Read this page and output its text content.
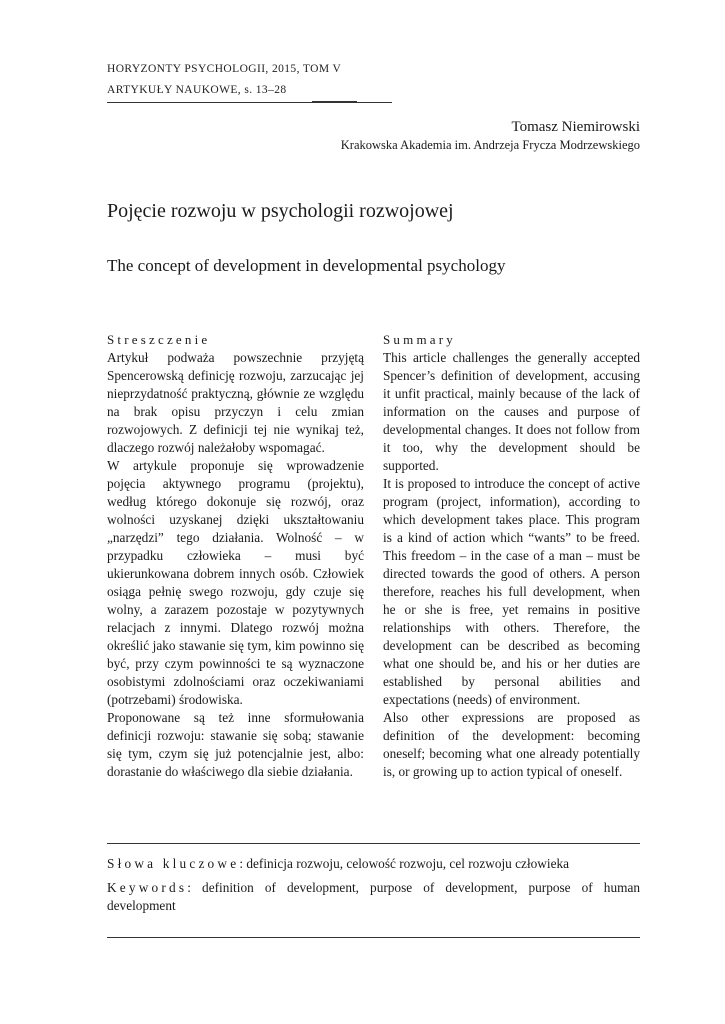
HORYZONTY PSYCHOLOGII, 2015, TOM V
ARTYKUŁY NAUKOWE, s. 13–28
Tomasz Niemirowski
Krakowska Akademia im. Andrzeja Frycza Modrzewskiego
Pojęcie rozwoju w psychologii rozwojowej
The concept of development in developmental psychology
Streszczenie

Artykuł podważa powszechnie przyjętą Spencerowską definicję rozwoju, zarzucając jej nieprzydatność praktyczną, głównie ze względu na brak opisu przyczyn i celu zmian rozwojowych. Z definicji tej nie wynikaj też, dlaczego rozwój należałoby wspomagać.

W artykule proponuje się wprowadzenie pojęcia aktywnego programu (projektu), według którego dokonuje się rozwój, oraz wolności uzyskanej dzięki ukształtowaniu „narzędzi” tego działania. Wolność – w przypadku człowieka – musi być ukierunkowana dobrem innych osób. Człowiek osiąga pełnię swego rozwoju, gdy czuje się wolny, a zarazem pozostaje w pozytywnych relacjach z innymi. Dlatego rozwój można określić jako stawanie się tym, kim powinno się być, przy czym powinności te są wyznaczone osobistymi zdolnościami oraz oczekiwaniami (potrzebami) środowiska.

Proponowane są też inne sformułowania definicji rozwoju: stawanie się sobą; stawanie się tym, czym się już potencjalnie jest, albo: dorastanie do właściwego dla siebie działania.

Summary

This article challenges the generally accepted Spencer’s definition of development, accusing it unfit practical, mainly because of the lack of information on the causes and purpose of developmental changes. It does not follow from it too, why the development should be supported.

It is proposed to introduce the concept of active program (project, information), according to which development takes place. This program is a kind of action which “wants” to be freed. This freedom – in the case of a man – must be directed towards the good of others. A person therefore, reaches his full development, when he or she is free, yet remains in positive relationships with others. Therefore, the development can be described as becoming what one should be, and his or her duties are established by personal abilities and expectations (needs) of environment.

Also other expressions are proposed as definition of the development: becoming oneself; becoming what one already potentially is, or growing up to action typical of oneself.

Słowa kluczowe: definicja rozwoju, celowość rozwoju, cel rozwoju człowieka
Keywords: definition of development, purpose of development, purpose of human development
